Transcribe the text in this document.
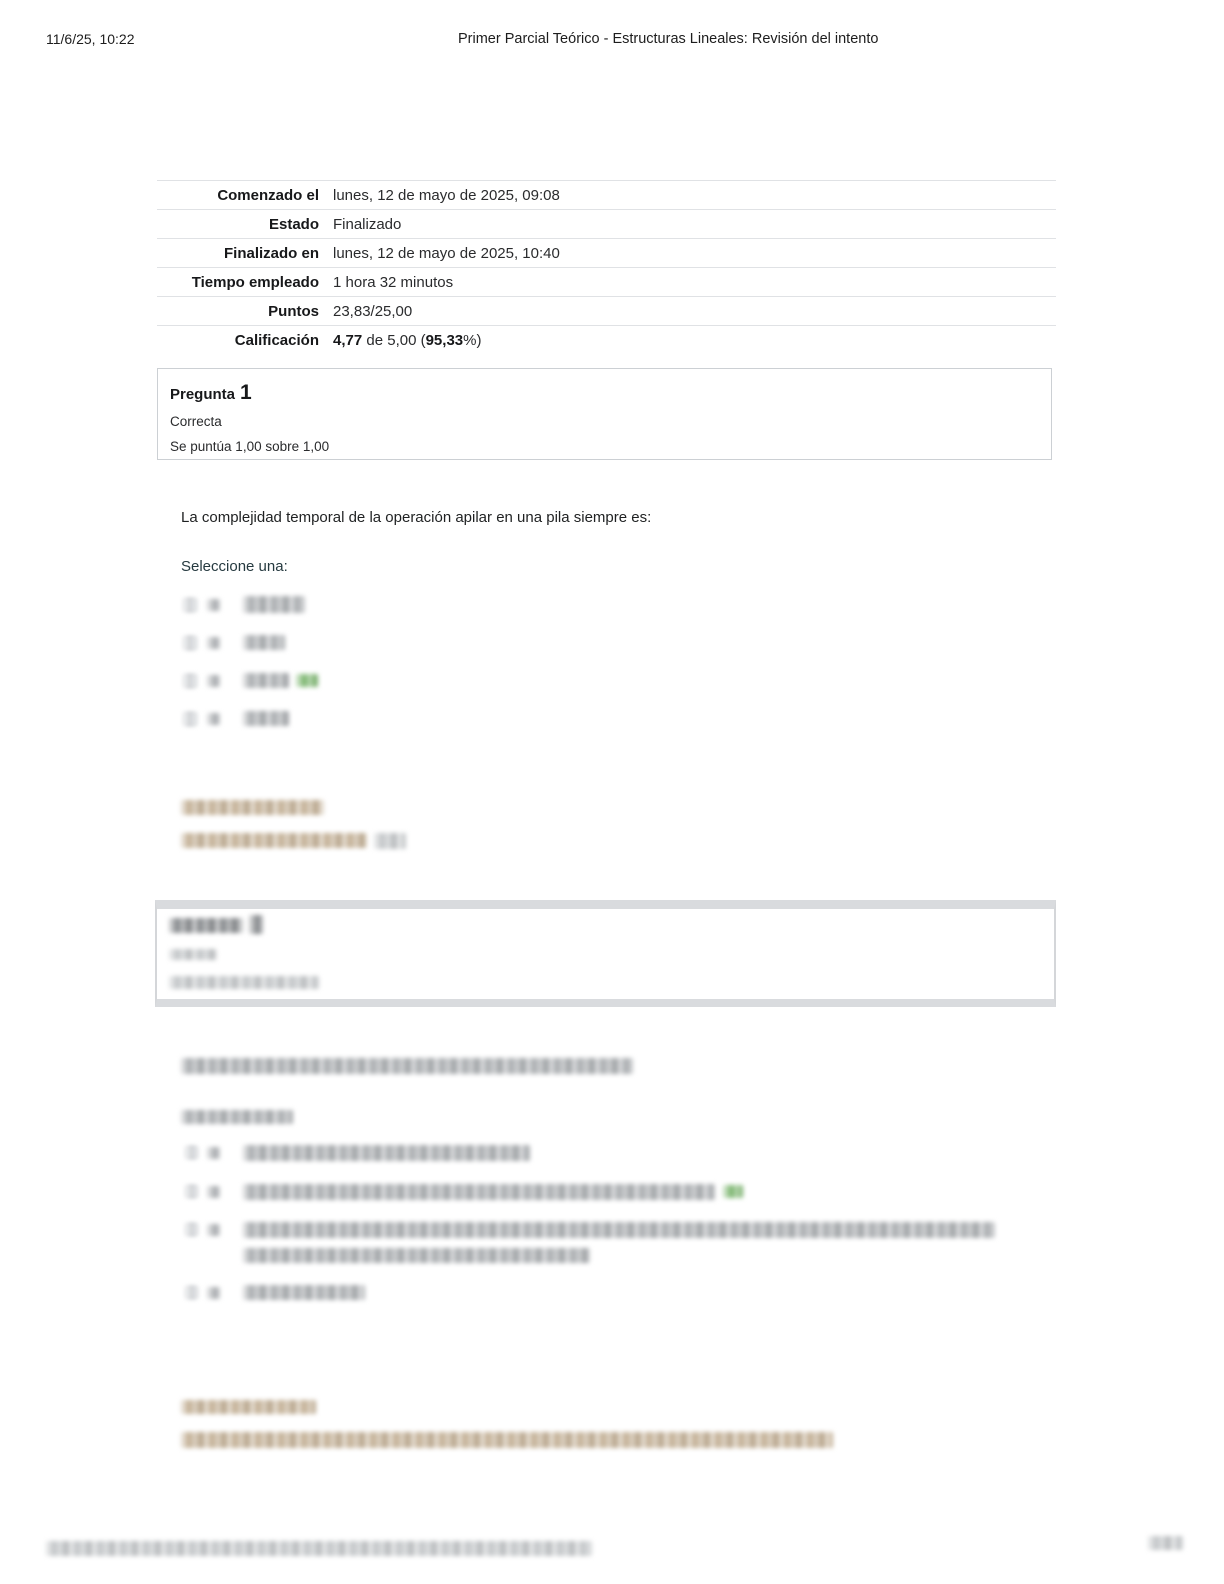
11/6/25, 10:22	Primer Parcial Teórico - Estructuras Lineales: Revisión del intento
Comenzado el lunes, 12 de mayo de 2025, 09:08
Estado Finalizado
Finalizado en lunes, 12 de mayo de 2025, 10:40
Tiempo empleado 1 hora 32 minutos
Puntos 23,83/25,00
Calificación 4,77 de 5,00 (95,33%)
Pregunta 1
Correcta
Se puntúa 1,00 sobre 1,00
La complejidad temporal de la operación apilar en una pila siempre es:
Seleccione una:
